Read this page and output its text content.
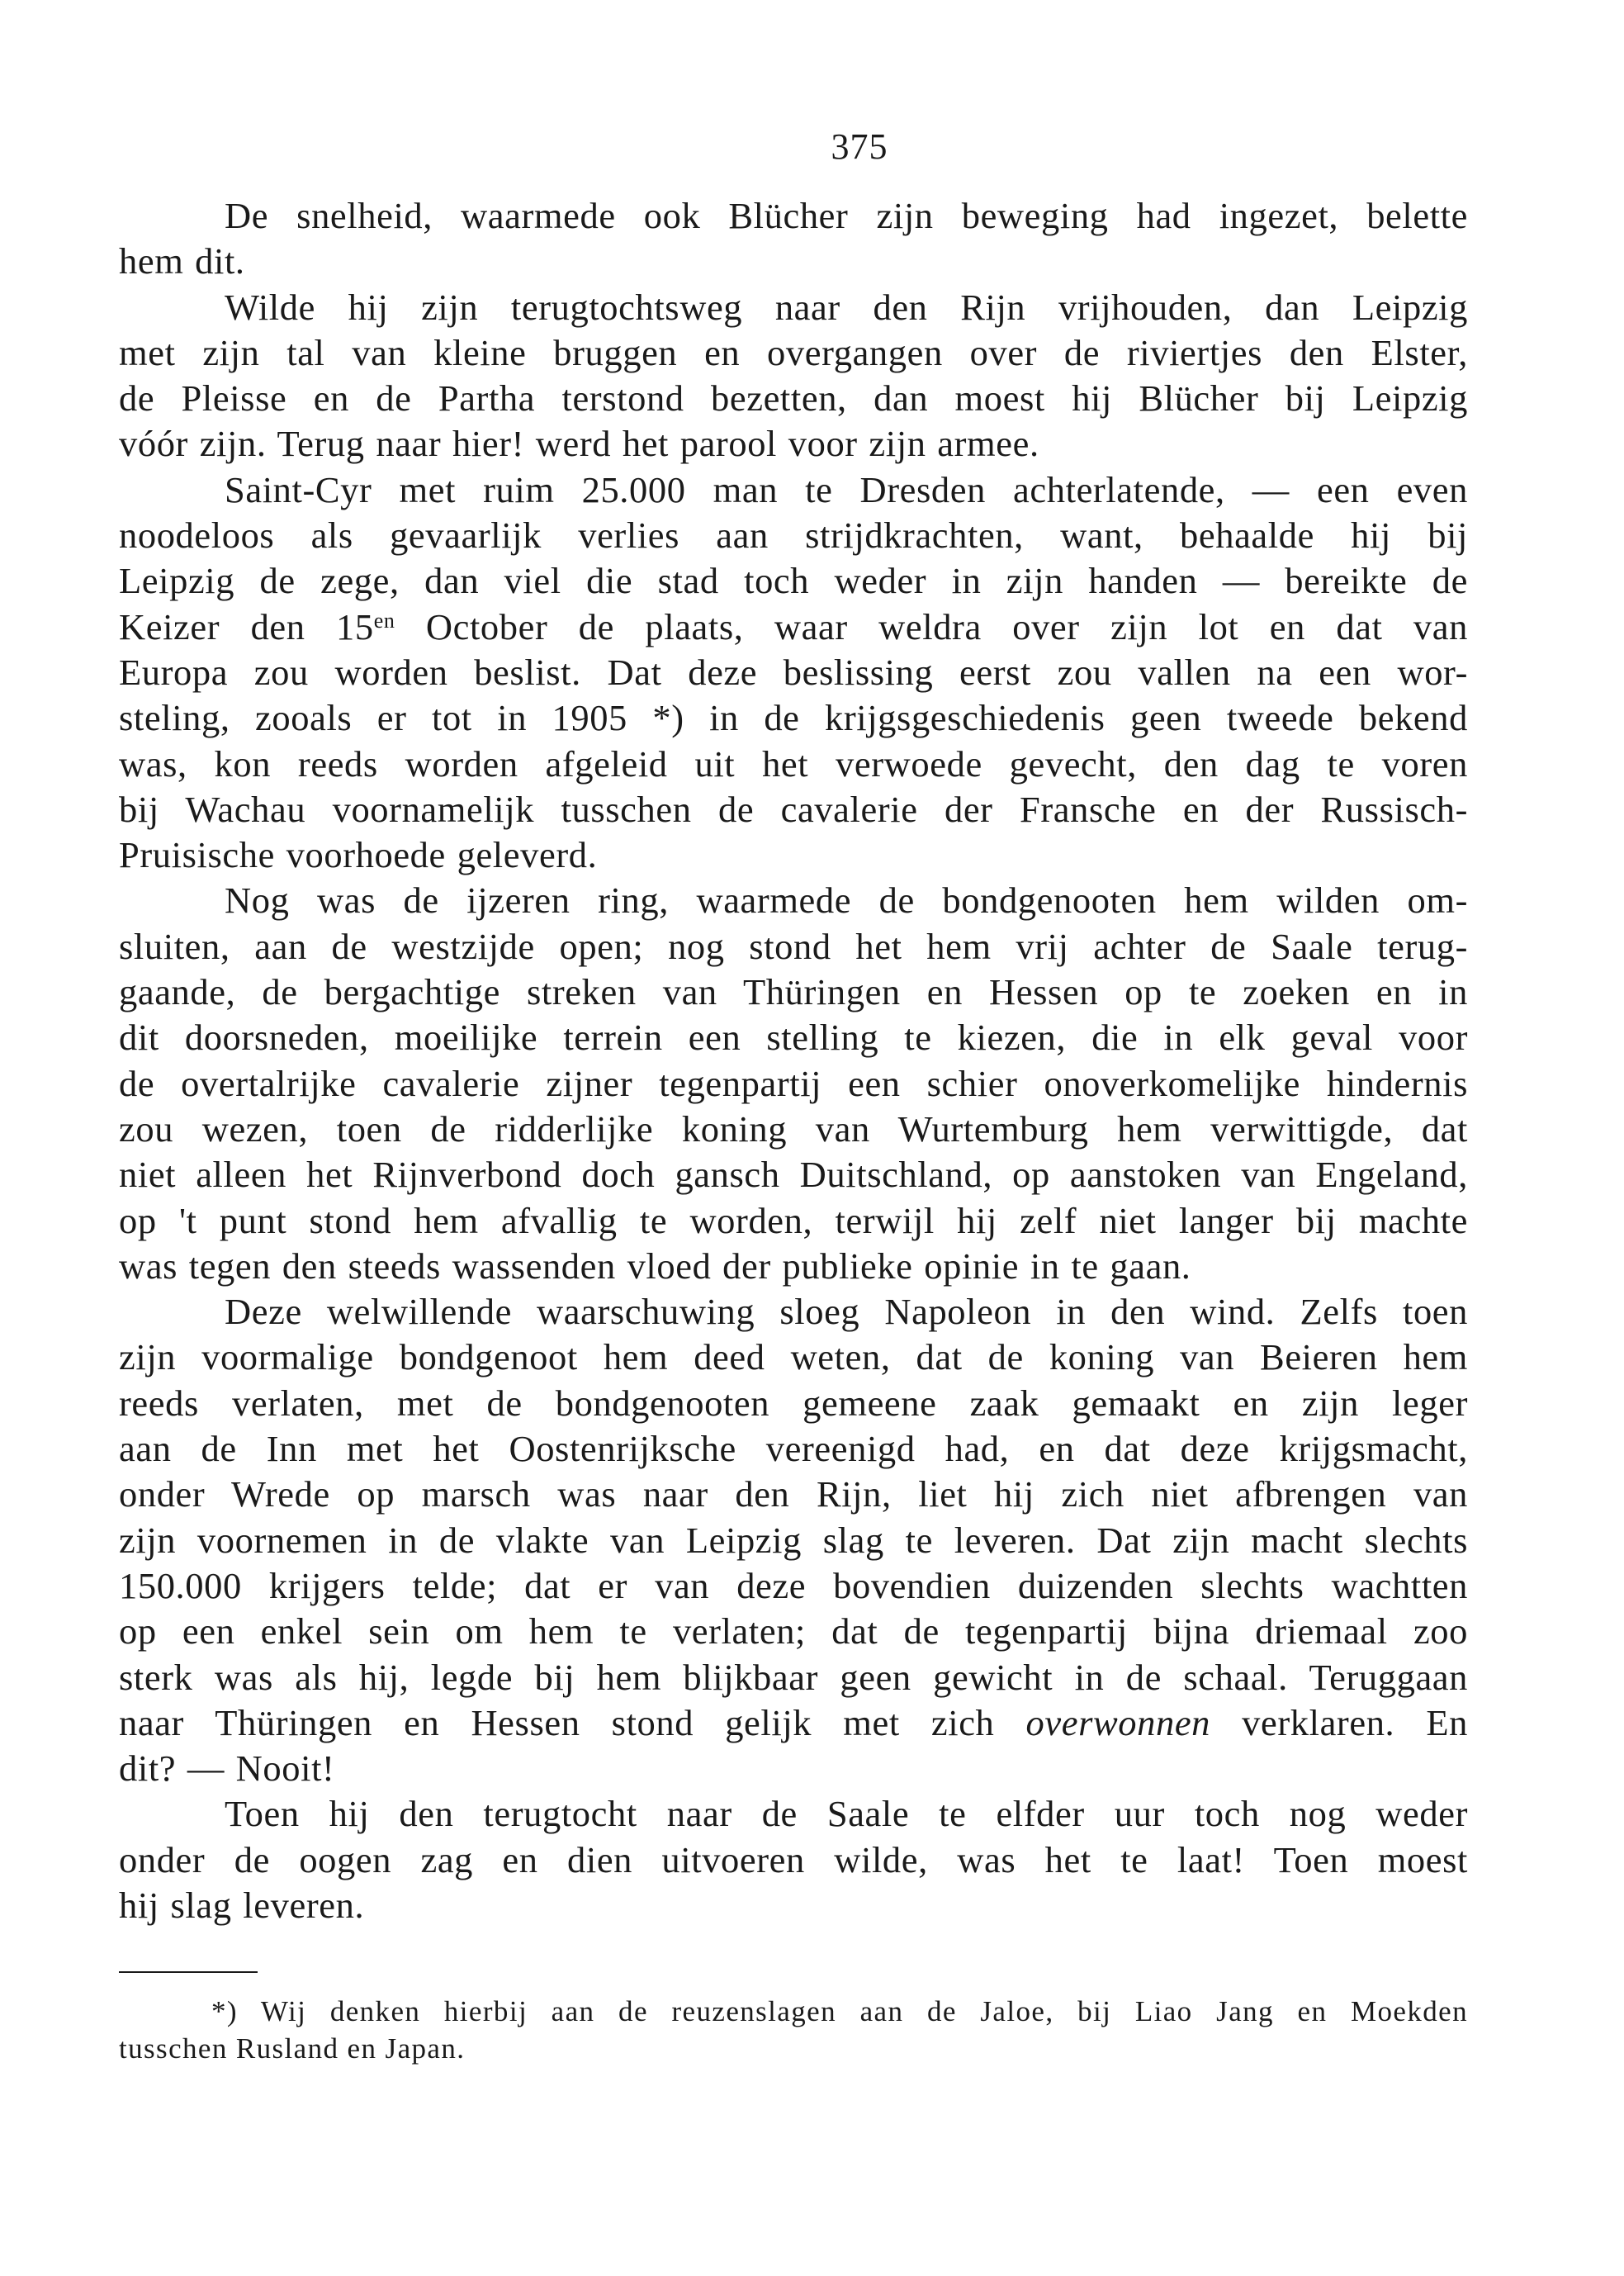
375
De snelheid, waarmede ook Blücher zijn beweging had ingezet, belette
hem dit.
Wilde hij zijn terugtochtsweg naar den Rijn vrijhouden, dan Leipzig
met zijn tal van kleine bruggen en overgangen over de riviertjes den Elster,
de Pleisse en de Partha terstond bezetten, dan moest hij Blücher bij Leipzig
vóór zijn. Terug naar hier! werd het parool voor zijn armee.
Saint-Cyr met ruim 25.000 man te Dresden achterlatende, — een even
noodeloos als gevaarlijk verlies aan strijdkrachten, want, behaalde hij bij
Leipzig de zege, dan viel die stad toch weder in zijn handen — bereikte de
Keizer den $15^{en}$ October de plaats, waar weldra over zijn lot en dat van
Europa zou worden beslist. Dat deze beslissing eerst zou vallen na een wor-
steling, zooals er tot in 1905 *) in de krijgsgeschiedenis geen tweede bekend
was, kon reeds worden afgeleid uit het verwoede gevecht, den dag te voren
bij Wachau voornamelijk tusschen de cavalerie der Fransche en der Russisch-
Pruisische voorhoede geleverd.
Nog was de ijzeren ring, waarmede de bondgenooten hem wilden om-
sluiten, aan de westzijde open; nog stond het hem vrij achter de Saale terug-
gaande, de bergachtige streken van Thüringen en Hessen op te zoeken en in
dit doorsneden, moeilijke terrein een stelling te kiezen, die in elk geval voor
de overtalrijke cavalerie zijner tegenpartij een schier onoverkomelijke hindernis
zou wezen, toen de ridderlijke koning van Wurtemburg hem verwittigde, dat
niet alleen het Rijnverbond doch gansch Duitschland, op aanstoken van Engeland,
op 't punt stond hem afvallig te worden, terwijl hij zelf niet langer bij machte
was tegen den steeds wassenden vloed der publieke opinie in te gaan.
Deze welwillende waarschuwing sloeg Napoleon in den wind. Zelfs toen
zijn voormalige bondgenoot hem deed weten, dat de koning van Beieren hem
reeds verlaten, met de bondgenooten gemeene zaak gemaakt en zijn leger
aan de Inn met het Oostenrijksche vereenigd had, en dat deze krijgsmacht,
onder Wrede op marsch was naar den Rijn, liet hij zich niet afbrengen van
zijn voornemen in de vlakte van Leipzig slag te leveren. Dat zijn macht slechts
150.000 krijgers telde; dat er van deze bovendien duizenden slechts wachtten
op een enkel sein om hem te verlaten; dat de tegenpartij bijna driemaal zoo
sterk was als hij, legde bij hem blijkbaar geen gewicht in de schaal. Teruggaan
naar Thüringen en Hessen stond gelijk met zich overwonnen verklaren. En
dit? — Nooit!
Toen hij den terugtocht naar de Saale te elfder uur toch nog weder
onder de oogen zag en dien uitvoeren wilde, was het te laat! Toen moest
hij slag leveren.
*) Wij denken hierbij aan de reuzenslagen aan de Jaloe, bij Liao Jang en Moekden
tusschen Rusland en Japan.
